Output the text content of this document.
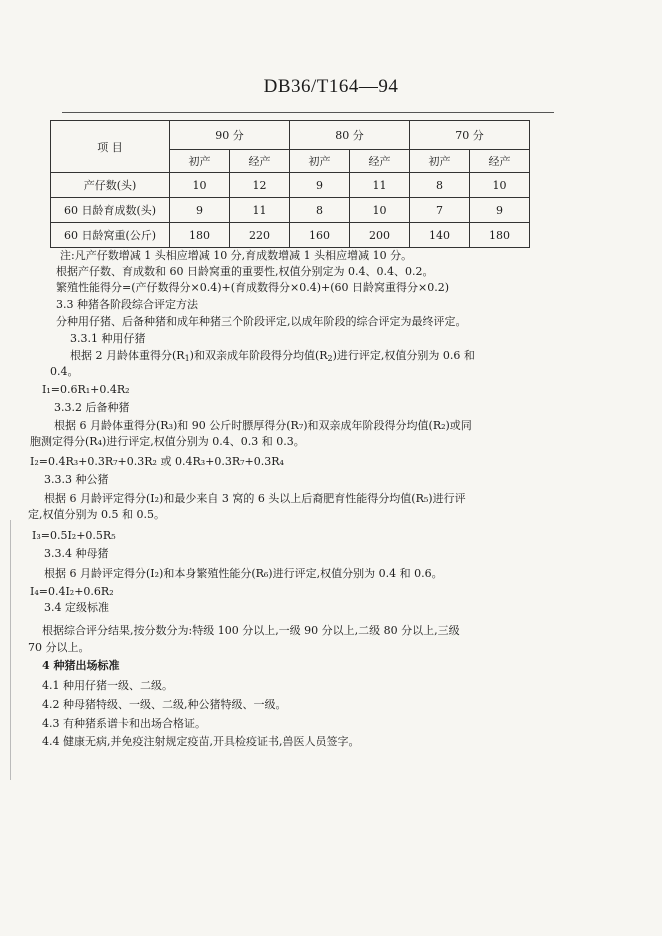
DB36/T164—94
项 目	90 分		80 分		70 分	
	初产	经产	初产	经产	初产	经产
产仔数(头)	10	12	9	11	8	10
60 日龄育成数(头)	9	11	8	10	7	9
60 日龄窝重(公斤)	180	220	160	200	140	180
注:凡产仔数增减 1 头相应增减 10 分,育成数增减 1 头相应增减 10 分。
根据产仔数、育成数和 60 日龄窝重的重要性,权值分别定为 0.4、0.4、0.2。
繁殖性能得分=(产仔数得分×0.4)+(育成数得分×0.4)+(60 日龄窝重得分×0.2)
3.3 种猪各阶段综合评定方法
分种用仔猪、后备种猪和成年种猪三个阶段评定,以成年阶段的综合评定为最终评定。
3.3.1 种用仔猪
根据 2 月龄体重得分$(R_1)$和双亲成年阶段得分均值$(R_2)$进行评定,权值分别为 0.6 和
0.4。
I₁=0.6R₁+0.4R₂
3.3.2 后备种猪
根据 6 月龄体重得分(R₃)和 90 公斤时膘厚得分(R₇)和双亲成年阶段得分均值(R₂)或同
胞测定得分(R₄)进行评定,权值分别为 0.4、0.3 和 0.3。
I₂=0.4R₃+0.3R₇+0.3R₂ 或 0.4R₃+0.3R₇+0.3R₄
3.3.3 种公猪
根据 6 月龄评定得分(I₂)和最少来自 3 窝的 6 头以上后裔肥育性能得分均值(R₅)进行评
定,权值分别为 0.5 和 0.5。
I₃=0.5I₂+0.5R₅
3.3.4 种母猪
根据 6 月龄评定得分(I₂)和本身繁殖性能分(R₆)进行评定,权值分别为 0.4 和 0.6。
I₄=0.4I₂+0.6R₂
3.4 定级标准
根据综合评分结果,按分数分为:特级 100 分以上,一级 90 分以上,二级 80 分以上,三级
70 分以上。
4 种猪出场标准
4.1 种用仔猪一级、二级。
4.2 种母猪特级、一级、二级,种公猪特级、一级。
4.3 有种猪系谱卡和出场合格证。
4.4 健康无病,并免疫注射规定疫苗,开具检疫证书,兽医人员签字。
